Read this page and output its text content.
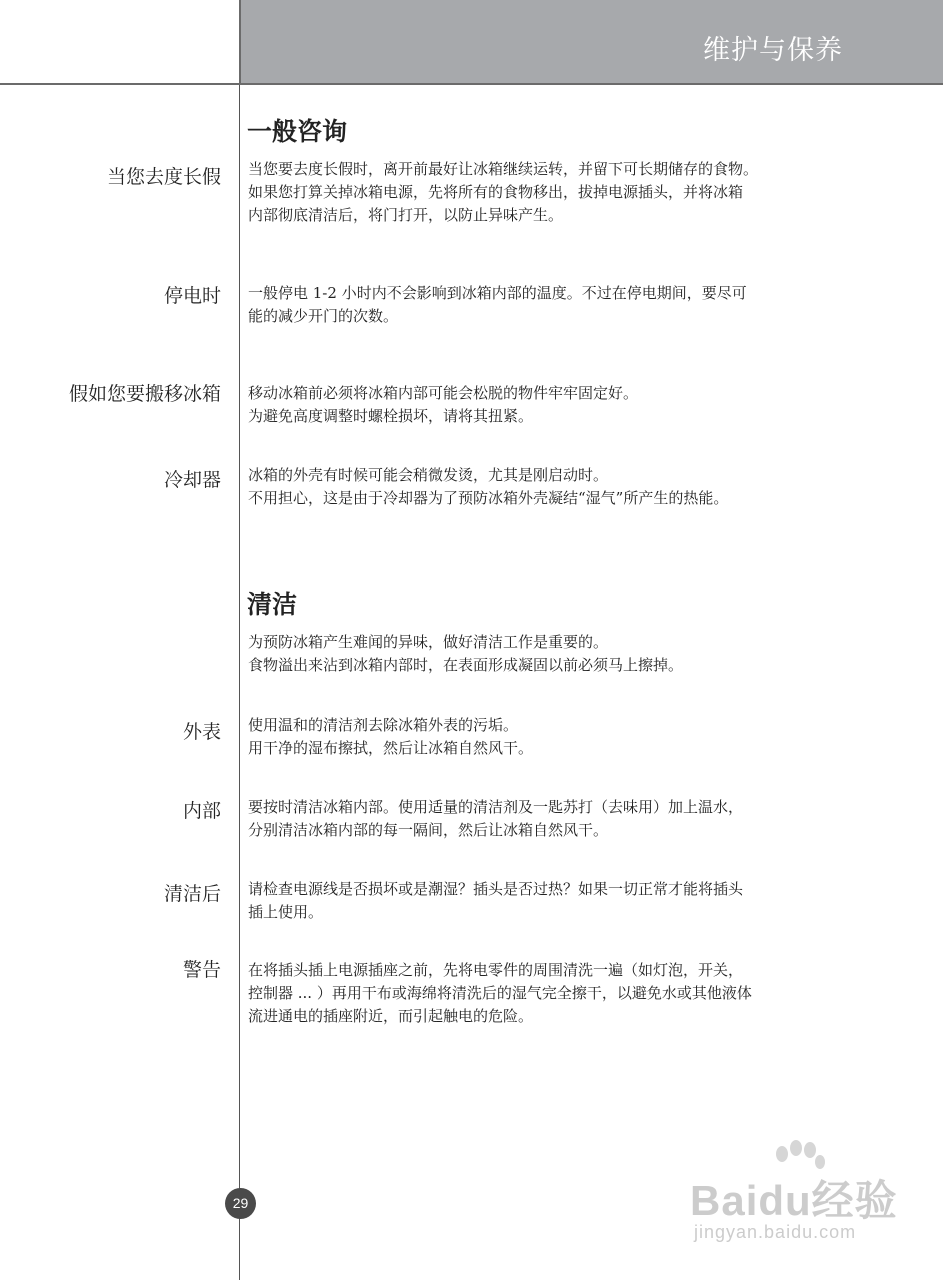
维护与保养
一般咨询
当您去度长假 当您要去度长假时，离开前最好让冰箱继续运转，并留下可长期储存的食物。

如果您打算关掉冰箱电源，先将所有的食物移出，拔掉电源插头，并将冰箱

内部彻底清洁后，将门打开，以防止异味产生。

停电时 一般停电 1-2 小时内不会影响到冰箱内部的温度。不过在停电期间，要尽可

能的减少开门的次数。

假如您要搬移冰箱 移动冰箱前必须将冰箱内部可能会松脱的物件牢牢固定好。

为避免高度调整时螺栓损坏，请将其扭紧。

冷却器 冰箱的外壳有时候可能会稍微发烫，尤其是刚启动时。

不用担心，这是由于冷却器为了预防冰箱外壳凝结“湿气”所产生的热能。

清洁

为预防冰箱产生难闻的异味，做好清洁工作是重要的。

食物溢出来沾到冰箱内部时，在表面形成凝固以前必须马上擦掉。

外表 使用温和的清洁剂去除冰箱外表的污垢。

用干净的湿布擦拭，然后让冰箱自然风干。

内部 要按时清洁冰箱内部。使用适量的清洁剂及一匙苏打（去味用）加上温水，

分别清洁冰箱内部的每一隔间，然后让冰箱自然风干。

清洁后 请检查电源线是否损坏或是潮湿？插头是否过热？如果一切正常才能将插头

插上使用。

警告 在将插头插上电源插座之前，先将电零件的周围清洗一遍（如灯泡，开关，

控制器 ... ）再用干布或海绵将清洗后的湿气完全擦干，以避免水或其他液体

流进通电的插座附近，而引起触电的危险。

29	Baidu经验
jingyan.baidu.com
